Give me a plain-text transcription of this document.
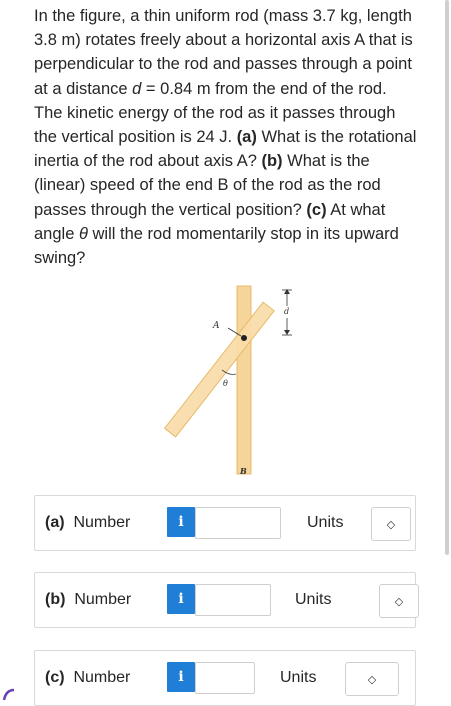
In the figure, a thin uniform rod (mass 3.7 kg, length 3.8 m) rotates freely about a horizontal axis A that is perpendicular to the rod and passes through a point at a distance d = 0.84 m from the end of the rod. The kinetic energy of the rod as it passes through the vertical position is 24 J. (a) What is the rotational inertia of the rod about axis A? (b) What is the (linear) speed of the end B of the rod as the rod passes through the vertical position? (c) At what angle θ will the rod momentarily stop in its upward swing?

A
d
θ
B
(a) Number	i	Units	◇
(b) Number	i	Units	◇
(c) Number	i	Units	◇
